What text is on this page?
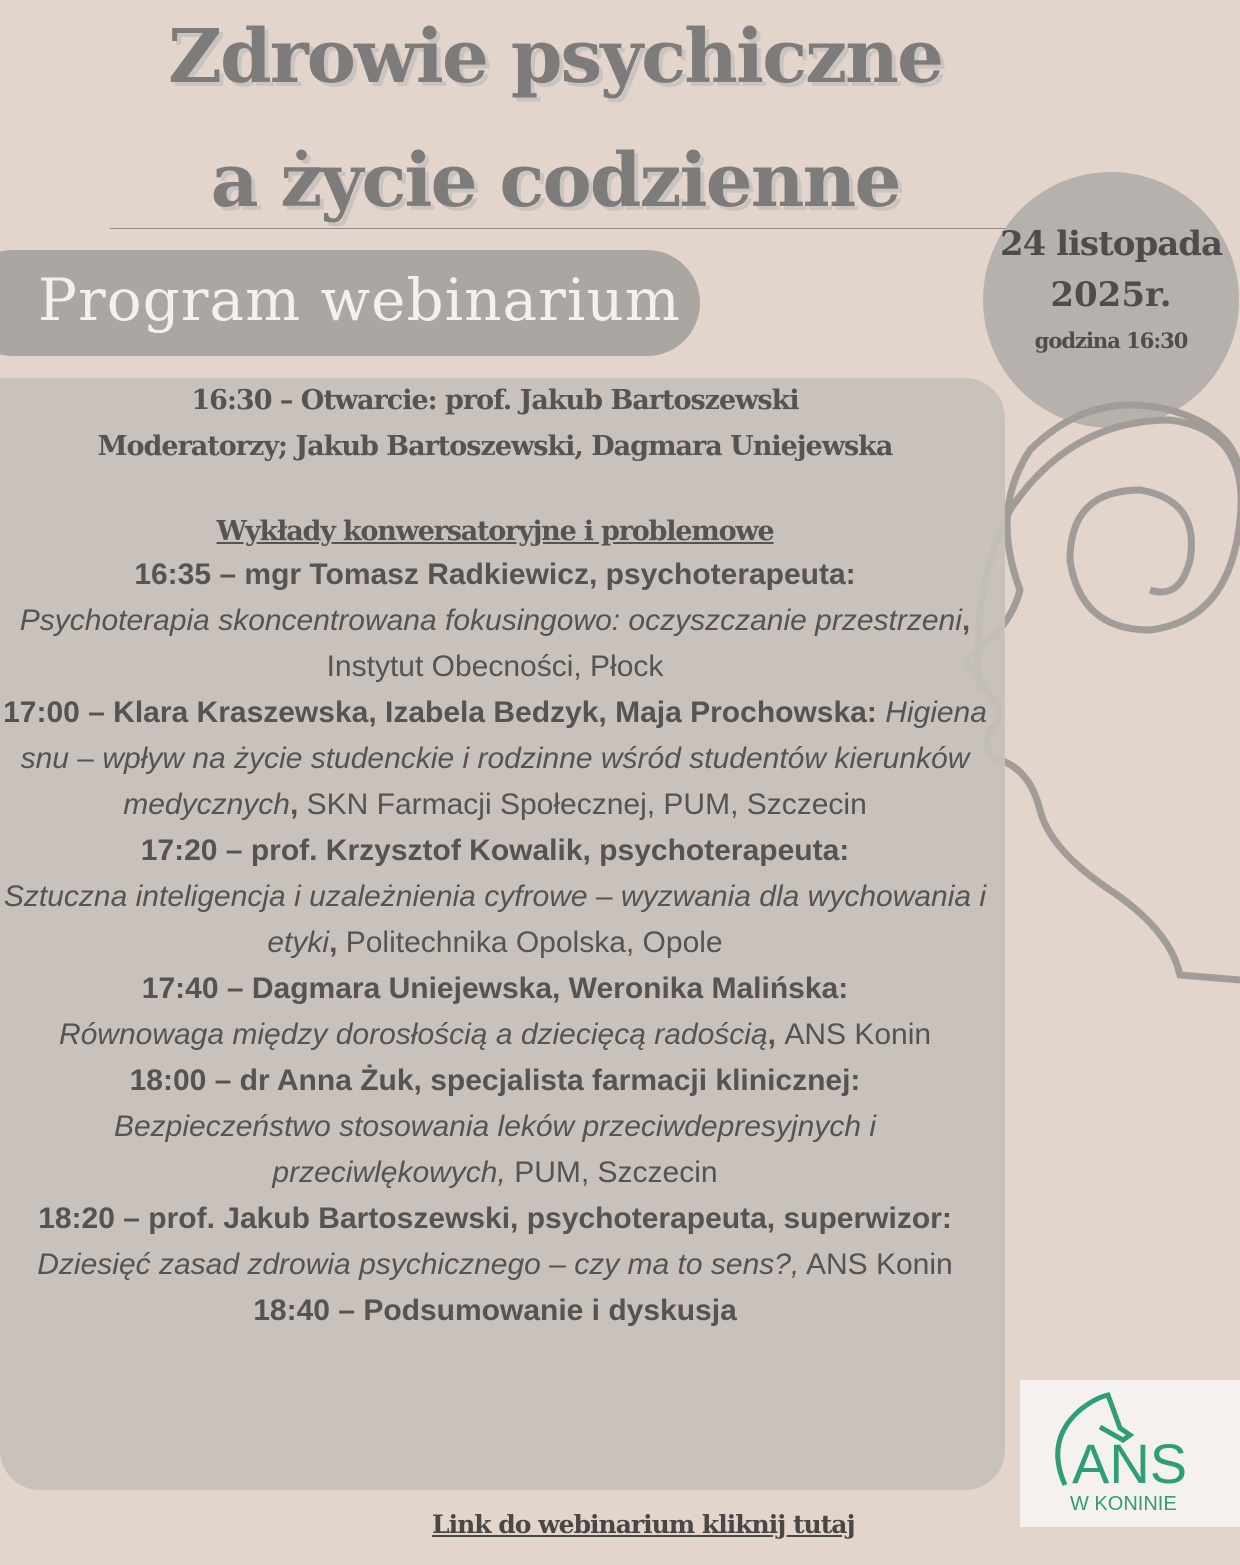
Zdrowie psychiczne
a życie codzienne
24 listopada
2025r.
godzina 16:30
Program webinarium
16:30 – Otwarcie: prof. Jakub Bartoszewski
Moderatorzy; Jakub Bartoszewski, Dagmara Uniejewska
Wykłady konwersatoryjne i problemowe
16:35 – mgr Tomasz Radkiewicz, psychoterapeuta:
Psychoterapia skoncentrowana fokusingowo: oczyszczanie przestrzeni, Instytut Obecności, Płock
17:00 – Klara Kraszewska, Izabela Bedzyk, Maja Prochowska: Higiena snu – wpływ na życie studenckie i rodzinne wśród studentów kierunków medycznych, SKN Farmacji Społecznej, PUM, Szczecin
17:20 – prof. Krzysztof Kowalik, psychoterapeuta:
Sztuczna inteligencja i uzależnienia cyfrowe – wyzwania dla wychowania i etyki, Politechnika Opolska, Opole
17:40 – Dagmara Uniejewska, Weronika Malińska:
Równowaga między dorosłością a dziecięcą radością, ANS Konin
18:00 – dr Anna Żuk, specjalista farmacji klinicznej:
Bezpieczeństwo stosowania leków przeciwdepresyjnych i przeciwlękowych, PUM, Szczecin
18:20 – prof. Jakub Bartoszewski, psychoterapeuta, superwizor: Dziesięć zasad zdrowia psychicznego – czy ma to sens?, ANS Konin
18:40 – Podsumowanie i dyskusja
Link do webinarium kliknij tutaj
ANS
W KONINIE
